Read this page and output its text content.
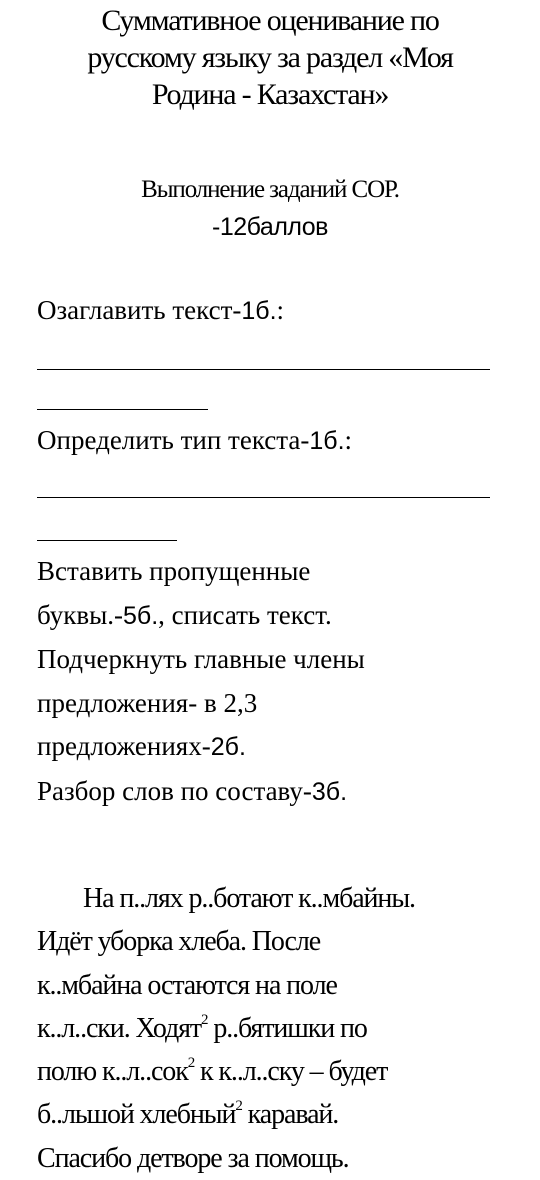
Суммативное оценивание по
русскому языку за раздел «Моя
Родина - Казахстан»
Выполнение заданий СОР.
-12баллов
Озаглавить текст-1б.:
Определить тип текста-1б.:
Вставить пропущенные
буквы.-5б., списать текст.
Подчеркнуть главные члены
предложения- в 2,3
предложениях-2б.
Разбор слов по составу-3б.

На п..лях р..ботают к..мбайны.

Идёт уборка хлеба. После

к..мбайна остаются на поле

к..л..ски. Ходят$^2$ р..бятишки по

полю к..л..сок$^2$ к к..л..ску – будет

б..льшой хлебный$^2$ каравай.

Спасибо детворе за помощь.
